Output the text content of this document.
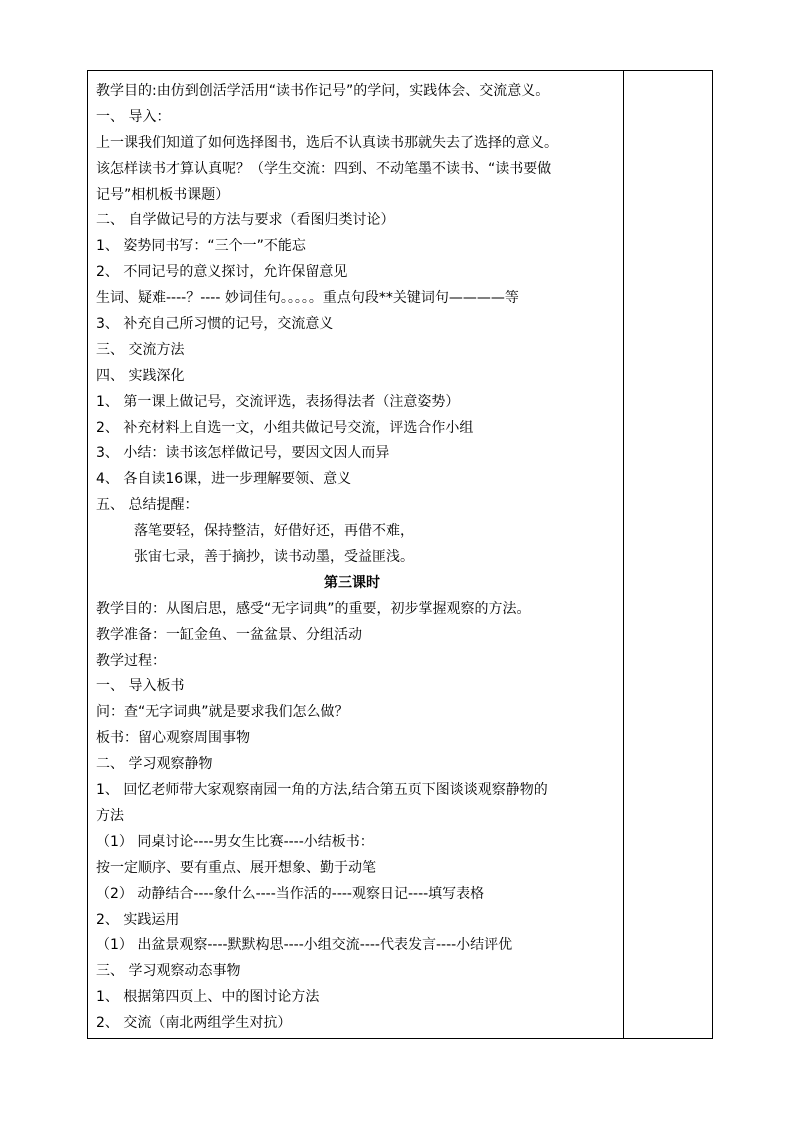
教学目的:由仿到创活学活用“读书作记号”的学问，实践体会、交流意义。
一、 导入：
上一课我们知道了如何选择图书，选后不认真读书那就失去了选择的意义。
该怎样读书才算认真呢？（学生交流：四到、不动笔墨不读书、“读书要做
记号”相机板书课题）
二、 自学做记号的方法与要求（看图归类讨论）
1、 姿势同书写：“三个一”不能忘
2、 不同记号的意义探讨，允许保留意见
生词、疑难----？---- 妙词佳句。。。。。重点句段**关键词句————等
3、 补充自己所习惯的记号，交流意义
三、 交流方法
四、 实践深化
1、 第一课上做记号，交流评选，表扬得法者（注意姿势）
2、 补充材料上自选一文，小组共做记号交流，评选合作小组
3、 小结：读书该怎样做记号，要因文因人而异
4、 各自读16课，进一步理解要领、意义
五、 总结提醒：
落笔要轻，保持整洁，好借好还，再借不难，
张宙七录，善于摘抄，读书动墨，受益匪浅。
第三课时
教学目的：从图启思，感受“无字词典”的重要，初步掌握观察的方法。
教学准备：一缸金鱼、一盆盆景、分组活动
教学过程：
一、 导入板书
问：查“无字词典”就是要求我们怎么做？
板书：留心观察周围事物
二、 学习观察静物
1、 回忆老师带大家观察南园一角的方法,结合第五页下图谈谈观察静物的
方法
（1） 同桌讨论----男女生比赛----小结板书：
按一定顺序、要有重点、展开想象、勤于动笔
（2） 动静结合----象什么----当作活的----观察日记----填写表格
2、 实践运用
（1） 出盆景观察----默默构思----小组交流----代表发言----小结评优
三、 学习观察动态事物
1、 根据第四页上、中的图讨论方法
2、 交流（南北两组学生对抗）
